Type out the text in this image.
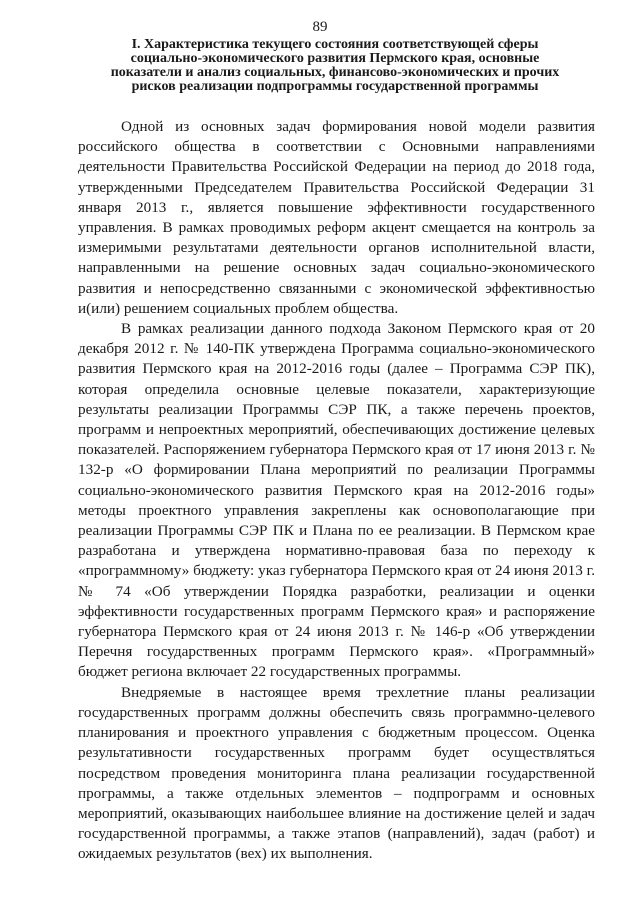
89
I. Характеристика текущего состояния соответствующей сферы
социально-экономического развития Пермского края, основные
показатели и анализ социальных, финансово-экономических и прочих
рисков реализации подпрограммы государственной программы

Одной из основных задач формирования новой модели развития российского общества в соответствии с Основными направлениями деятельности Правительства Российской Федерации на период до 2018 года, утвержденными Председателем Правительства Российской Федерации 31 января 2013 г., является повышение эффективности государственного управления. В рамках проводимых реформ акцент смещается на контроль за измеримыми результатами деятельности органов исполнительной власти, направленными на решение основных задач социально-экономического развития и непосредственно связанными с экономической эффективностью и(или) решением социальных проблем общества.

В рамках реализации данного подхода Законом Пермского края от 20 декабря 2012 г. № 140-ПК утверждена Программа социально-экономического развития Пермского края на 2012-2016 годы (далее – Программа СЭР ПК), которая определила основные целевые показатели, характеризующие результаты реализации Программы СЭР ПК, а также перечень проектов, программ и непроектных мероприятий, обеспечивающих достижение целевых показателей. Распоряжением губернатора Пермского края от 17 июня 2013 г. № 132-р «О формировании Плана мероприятий по реализации Программы социально-экономического развития Пермского края на 2012-2016 годы» методы проектного управления закреплены как основополагающие при реализации Программы СЭР ПК и Плана по ее реализации. В Пермском крае разработана и утверждена нормативно-правовая база по переходу к «программному» бюджету: указ губернатора Пермского края от 24 июня 2013 г. № 74 «Об утверждении Порядка разработки, реализации и оценки эффективности государственных программ Пермского края» и распоряжение губернатора Пермского края от 24 июня 2013 г. № 146-р «Об утверждении Перечня государственных программ Пермского края». «Программный» бюджет региона включает 22 государственных программы.

Внедряемые в настоящее время трехлетние планы реализации государственных программ должны обеспечить связь программно-целевого планирования и проектного управления с бюджетным процессом. Оценка результативности государственных программ будет осуществляться посредством проведения мониторинга плана реализации государственной программы, а также отдельных элементов – подпрограмм и основных мероприятий, оказывающих наибольшее влияние на достижение целей и задач государственной программы, а также этапов (направлений), задач (работ) и ожидаемых результатов (вех) их выполнения.
